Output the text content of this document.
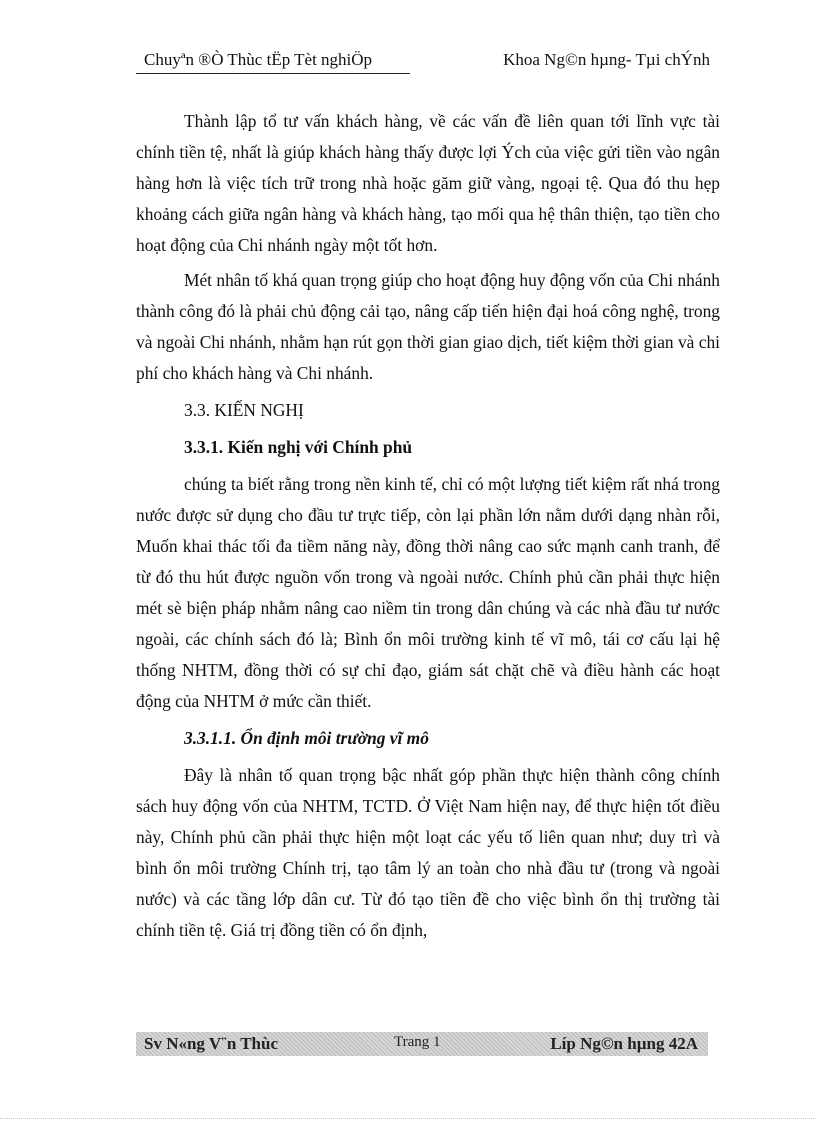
Chuyªn ®Ò Thùc tËp Tèt nghiÖp	Khoa Ng©n hµng- Tµi chÝnh

Thành lập tổ tư vấn khách hàng, về các vấn đề liên quan tới lĩnh vực tài chính tiền tệ, nhất là giúp khách hàng thấy được lợi Ých của việc gửi tiền vào ngân hàng hơn là việc tích trữ trong nhà hoặc găm giữ vàng, ngoại tệ. Qua đó thu hẹp khoảng cách giữa ngân hàng và khách hàng, tạo mối qua hệ thân thiện, tạo tiền cho hoạt động của Chi nhánh ngày một tốt hơn.

Mét nhân tố khá quan trọng giúp cho hoạt động huy động vốn của Chi nhánh thành công đó là phải chủ động cải tạo, nâng cấp tiến hiện đại hoá công nghệ, trong và ngoài Chi nhánh, nhằm hạn rút gọn thời gian giao dịch, tiết kiệm thời gian và chi phí cho khách hàng và Chi nhánh.

3.3. KIẾN NGHỊ
3.3.1. Kiến nghị với Chính phủ

chúng ta biết rằng trong nền kinh tế, chỉ có một lượng tiết kiệm rất nhá trong nước được sử dụng cho đầu tư trực tiếp, còn lại phần lớn nằm dưới dạng nhàn rỗi, Muốn khai thác tối đa tiềm năng này, đồng thời nâng cao sức mạnh canh tranh, để từ đó thu hút được nguồn vốn trong và ngoài nước. Chính phủ cần phải thực hiện mét sè biện pháp nhằm nâng cao niềm tin trong dân chúng và các nhà đầu tư nước ngoài, các chính sách đó là; Bình ổn môi trường kinh tế vĩ mô, tái cơ cấu lại hệ thống NHTM, đồng thời có sự chỉ đạo, giám sát chặt chẽ và điều hành các hoạt động của NHTM ở mức cần thiết.

3.3.1.1. Ổn định môi trường vĩ mô

Đây là nhân tố quan trọng bậc nhất góp phần thực hiện thành công chính sách huy động vốn của NHTM, TCTD. Ở Việt Nam hiện nay, để thực hiện tốt điều này, Chính phủ cần phải thực hiện một loạt các yếu tố liên quan như; duy trì và bình ổn môi trường Chính trị, tạo tâm lý an toàn cho nhà đầu tư (trong và ngoài nước) và các tầng lớp dân cư. Từ đó tạo tiền đề cho việc bình ổn thị trường tài chính tiền tệ. Giá trị đồng tiền có ổn định,

Sv N«ng V¨n Thùc	Trang 1	Líp Ng©n hµng 42A
